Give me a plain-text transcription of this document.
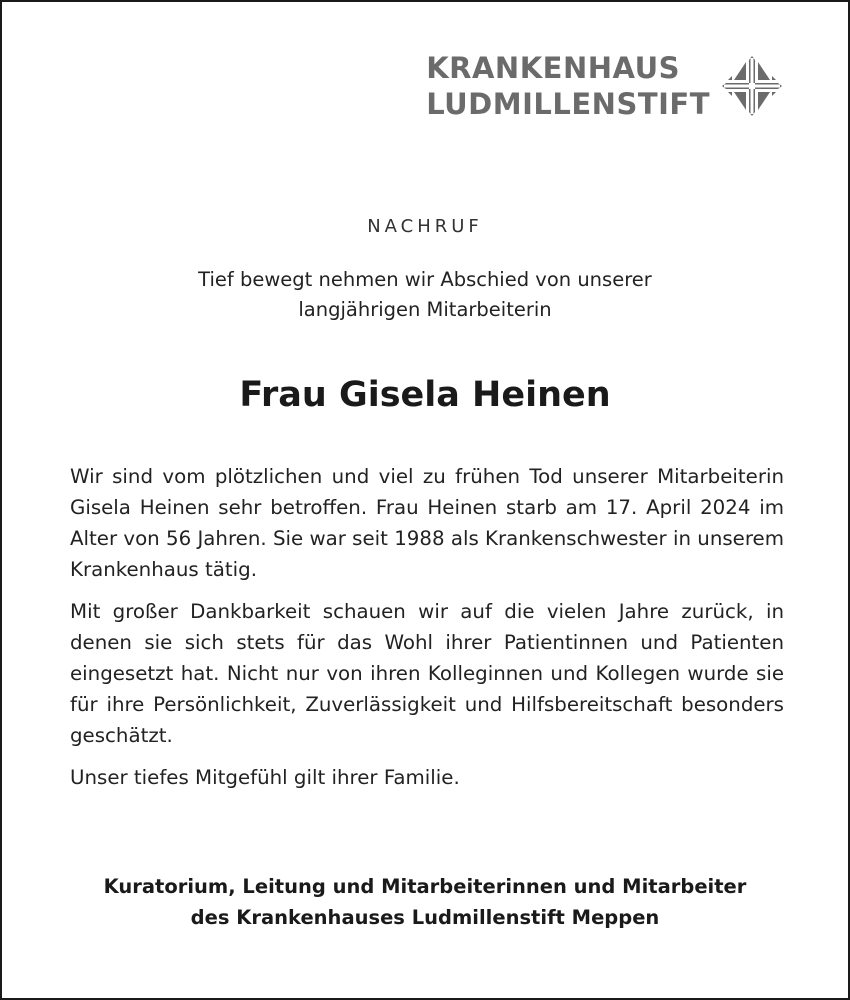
KRANKENHAUS
LUDMILLENSTIFT
NACHRUF
Tief bewegt nehmen wir Abschied von unserer
langjährigen Mitarbeiterin
Frau Gisela Heinen

Wir sind vom plötzlichen und viel zu frühen Tod unserer Mitarbeiterin Gisela Heinen sehr betroffen. Frau Heinen starb am 17. April 2024 im Alter von 56 Jahren. Sie war seit 1988 als Krankenschwester in unserem Krankenhaus tätig.

Mit großer Dankbarkeit schauen wir auf die vielen Jahre zurück, in denen sie sich stets für das Wohl ihrer Patientinnen und Patienten eingesetzt hat. Nicht nur von ihren Kolleginnen und Kollegen wurde sie für ihre Persönlichkeit, Zuverlässigkeit und Hilfsbereitschaft besonders geschätzt.

Unser tiefes Mitgefühl gilt ihrer Familie.

Kuratorium, Leitung und Mitarbeiterinnen und Mitarbeiter
des Krankenhauses Ludmillenstift Meppen
